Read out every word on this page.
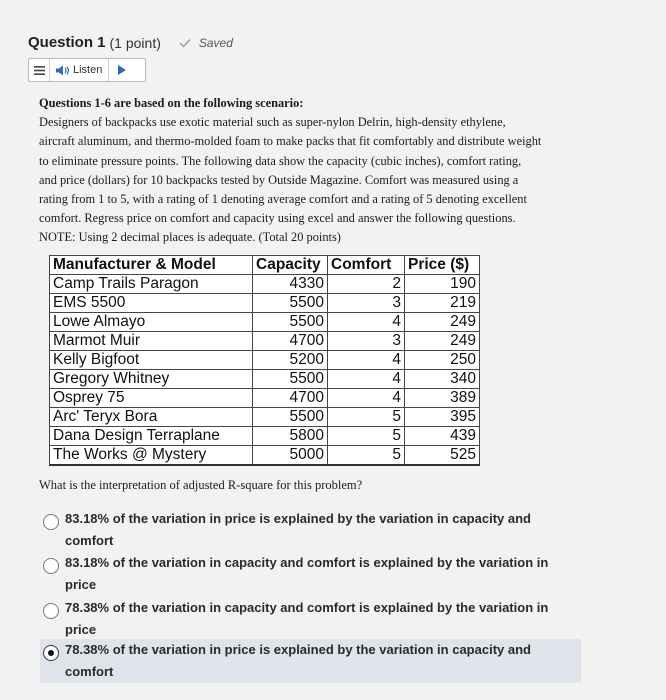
Question 1 (1 point)	Saved
Listen
Questions 1-6 are based on the following scenario:
Designers of backpacks use exotic material such as super-nylon Delrin, high-density ethylene,
aircraft aluminum, and thermo-molded foam to make packs that fit comfortably and distribute weight
to eliminate pressure points. The following data show the capacity (cubic inches), comfort rating,
and price (dollars) for 10 backpacks tested by Outside Magazine. Comfort was measured using a
rating from 1 to 5, with a rating of 1 denoting average comfort and a rating of 5 denoting excellent
comfort. Regress price on comfort and capacity using excel and answer the following questions.
NOTE: Using 2 decimal places is adequate. (Total 20 points)
Manufacturer & Model	Capacity	Comfort	Price ($)
Camp Trails Paragon	4330	2	190
EMS 5500	5500	3	219
Lowe Almayo	5500	4	249
Marmot Muir	4700	3	249
Kelly Bigfoot	5200	4	250
Gregory Whitney	5500	4	340
Osprey 75	4700	4	389
Arc' Teryx Bora	5500	5	395
Dana Design Terraplane	5800	5	439
The Works @ Mystery	5000	5	525
What is the interpretation of adjusted R-square for this problem?
83.18% of the variation in price is explained by the variation in capacity and
comfort
83.18% of the variation in capacity and comfort is explained by the variation in
price
78.38% of the variation in capacity and comfort is explained by the variation in
price
78.38% of the variation in price is explained by the variation in capacity and
comfort
